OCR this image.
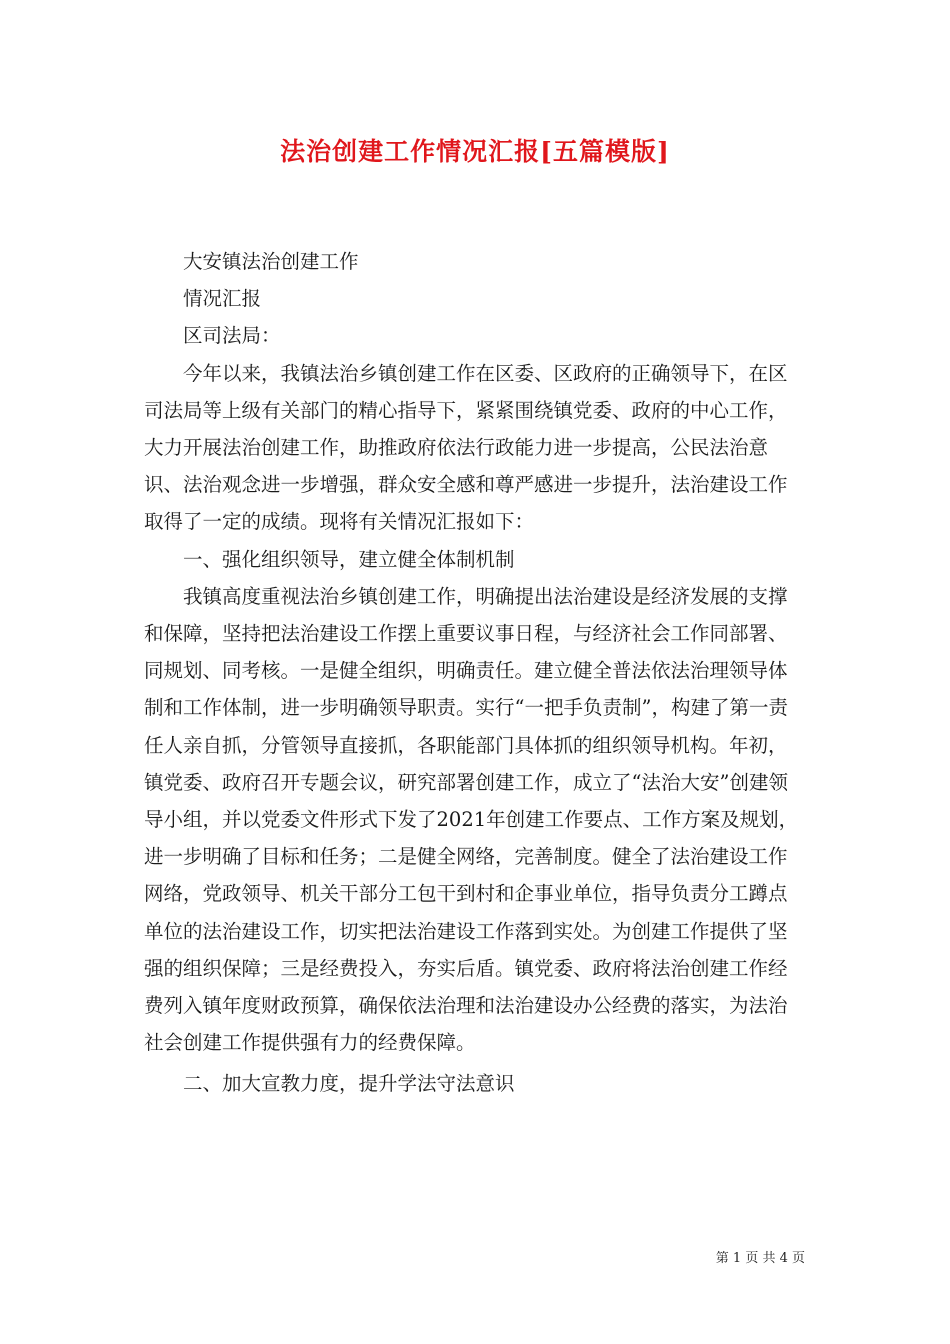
法治创建工作情况汇报[五篇模版]

大安镇法治创建工作

情况汇报

区司法局：

今年以来，我镇法治乡镇创建工作在区委、区政府的正确领导下，在区司法局等上级有关部门的精心指导下，紧紧围绕镇党委、政府的中心工作，大力开展法治创建工作，助推政府依法行政能力进一步提高，公民法治意识、法治观念进一步增强，群众安全感和尊严感进一步提升，法治建设工作取得了一定的成绩。现将有关情况汇报如下：

一、强化组织领导，建立健全体制机制

我镇高度重视法治乡镇创建工作，明确提出法治建设是经济发展的支撑和保障，坚持把法治建设工作摆上重要议事日程，与经济社会工作同部署、同规划、同考核。一是健全组织，明确责任。建立健全普法依法治理领导体制和工作体制，进一步明确领导职责。实行“一把手负责制”，构建了第一责任人亲自抓，分管领导直接抓，各职能部门具体抓的组织领导机构。年初，镇党委、政府召开专题会议，研究部署创建工作，成立了“法治大安”创建领导小组，并以党委文件形式下发了2021年创建工作要点、工作方案及规划，进一步明确了目标和任务；二是健全网络，完善制度。健全了法治建设工作网络，党政领导、机关干部分工包干到村和企事业单位，指导负责分工蹲点单位的法治建设工作，切实把法治建设工作落到实处。为创建工作提供了坚强的组织保障；三是经费投入，夯实后盾。镇党委、政府将法治创建工作经费列入镇年度财政预算，确保依法治理和法治建设办公经费的落实，为法治社会创建工作提供强有力的经费保障。

二、加大宣教力度，提升学法守法意识

第 1 页 共 4 页
